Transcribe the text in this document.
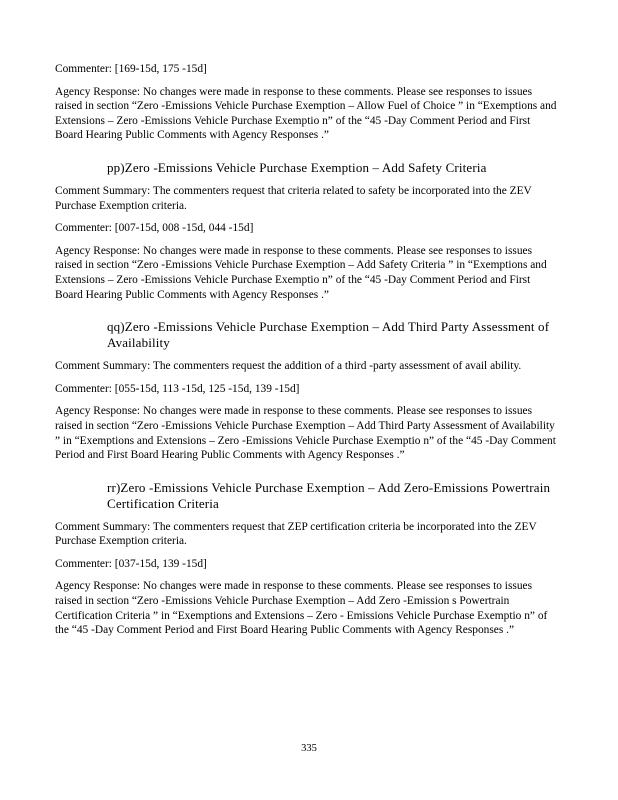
Commenter: [169-15d, 175 -15d]

Agency Response: No changes were made in response to these comments. Please see responses to issues raised in section “Zero -Emissions Vehicle Purchase Exemption – Allow Fuel of Choice ” in “Exemptions and Extensions – Zero -Emissions Vehicle Purchase Exemptio n” of the “45 -Day Comment Period and First Board Hearing Public Comments with Agency Responses .”

pp)Zero -Emissions Vehicle Purchase Exemption – Add Safety Criteria

Comment Summary: The commenters request that criteria related to safety be incorporated into the ZEV Purchase Exemption criteria.

Commenter: [007-15d, 008 -15d, 044 -15d]

Agency Response: No changes were made in response to these comments. Please see responses to issues raised in section “Zero -Emissions Vehicle Purchase Exemption – Add Safety Criteria ” in “Exemptions and Extensions – Zero -Emissions Vehicle Purchase Exemptio n” of the “45 -Day Comment Period and First Board Hearing Public Comments with Agency Responses .”

qq)Zero -Emissions Vehicle Purchase Exemption – Add Third Party Assessment of Availability

Comment Summary: The commenters request the addition of a third -party assessment of avail ability.

Commenter: [055-15d, 113 -15d, 125 -15d, 139 -15d]

Agency Response: No changes were made in response to these comments. Please see responses to issues raised in section “Zero -Emissions Vehicle Purchase Exemption – Add Third Party Assessment of Availability ” in “Exemptions and Extensions – Zero -Emissions Vehicle Purchase Exemptio n” of the “45 -Day Comment Period and First Board Hearing Public Comments with Agency Responses .”

rr)Zero -Emissions Vehicle Purchase Exemption – Add Zero-Emissions Powertrain Certification Criteria

Comment Summary: The commenters request that ZEP certification criteria be incorporated into the ZEV Purchase Exemption criteria.

Commenter: [037-15d, 139 -15d]

Agency Response: No changes were made in response to these comments. Please see responses to issues raised in section “Zero -Emissions Vehicle Purchase Exemption – Add Zero -Emission s Powertrain Certification Criteria ” in “Exemptions and Extensions – Zero - Emissions Vehicle Purchase Exemptio n” of the “45 -Day Comment Period and First Board Hearing Public Comments with Agency Responses .”

335
